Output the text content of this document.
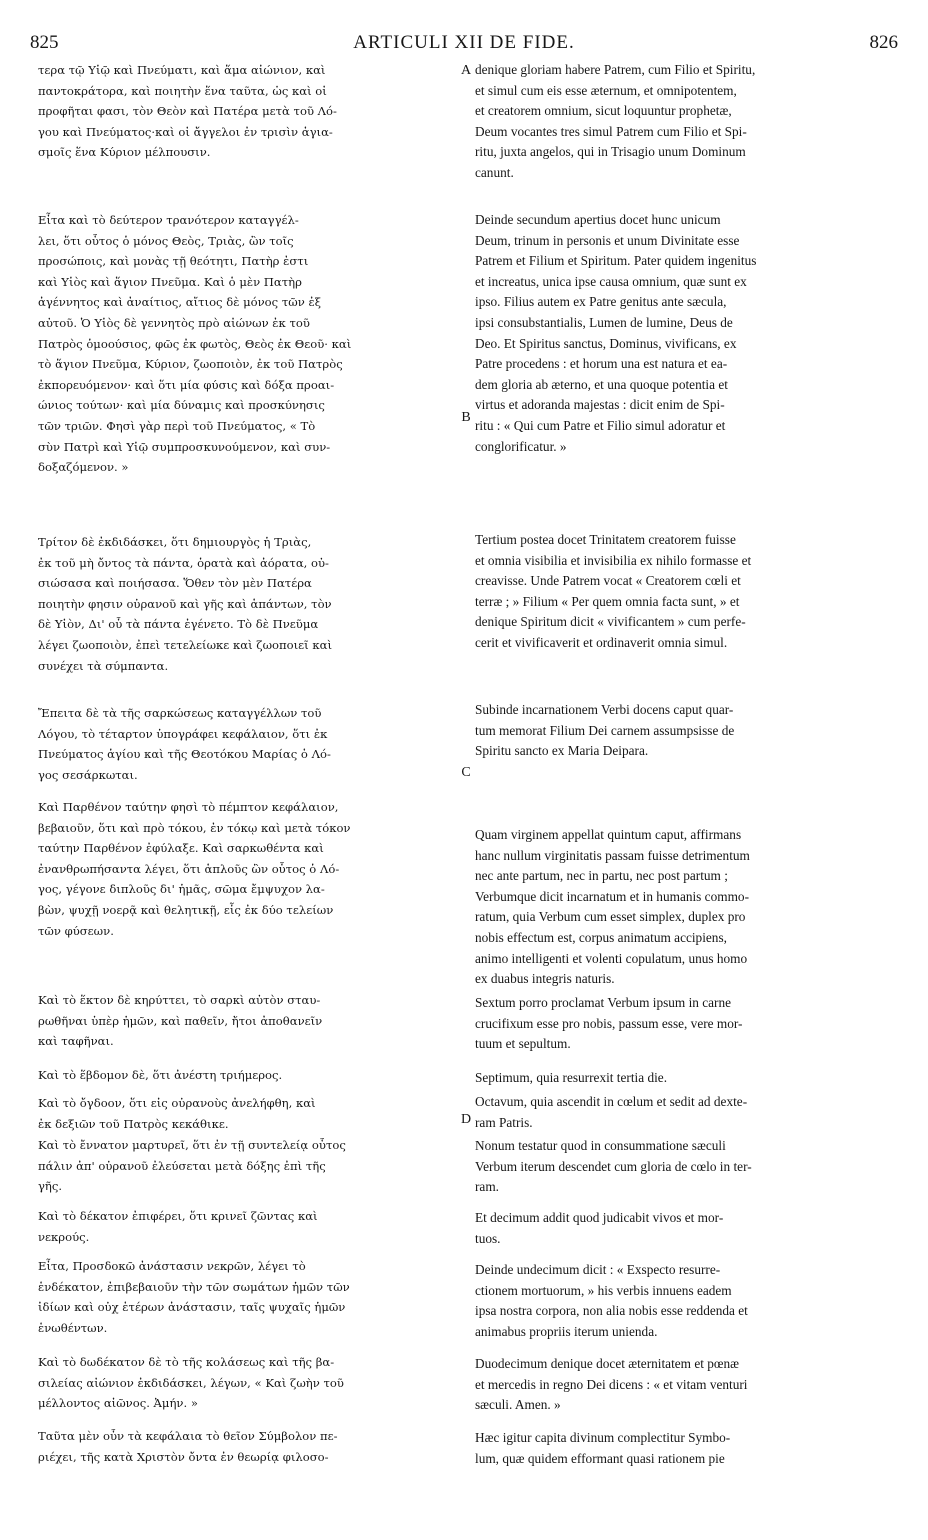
825	ARTICULI XII DE FIDE.	826

τερα τῷ Υἱῷ καὶ Πνεύματι, καὶ ἅμα αἰώνιον, καὶ
παντοκράτορα, καὶ ποιητὴν ἕνα ταῦτα, ὡς καὶ οἱ
προφῆται φασι, τὸν Θεὸν καὶ Πατέρα μετὰ τοῦ Λό-
γου καὶ Πνεύματος·καὶ οἱ ἄγγελοι ἐν τρισὶν ἁγια-
σμοῖς ἕνα Κύριον μέλπουσιν.

Εἶτα καὶ τὸ δεύτερον τρανότερον καταγγέλ-
λει, ὅτι οὗτος ὁ μόνος Θεὸς, Τριὰς, ὢν τοῖς
προσώποις, καὶ μονὰς τῇ θεότητι, Πατὴρ ἐστι
καὶ Υἱὸς καὶ ἅγιον Πνεῦμα. Καὶ ὁ μὲν Πατὴρ
ἀγέννητος καὶ ἀναίτιος, αἴτιος δὲ μόνος τῶν ἐξ
αὐτοῦ. Ὁ Υἱὸς δὲ γεννητὸς πρὸ αἰώνων ἐκ τοῦ
Πατρὸς ὁμοούσιος, φῶς ἐκ φωτὸς, Θεὸς ἐκ Θεοῦ· καὶ
τὸ ἅγιον Πνεῦμα, Κύριον, ζωοποιὸν, ἐκ τοῦ Πατρὸς
ἐκπορευόμενον· καὶ ὅτι μία φύσις καὶ δόξα προαι-
ώνιος τούτων· καὶ μία δύναμις καὶ προσκύνησις
τῶν τριῶν. Φησὶ γὰρ περὶ τοῦ Πνεύματος, « Τὸ
σὺν Πατρὶ καὶ Υἱῷ συμπροσκυνούμενον, καὶ συν-
δοξαζόμενον. »

Τρίτον δὲ ἐκδιδάσκει, ὅτι δημιουργὸς ἡ Τριὰς,
ἐκ τοῦ μὴ ὄντος τὰ πάντα, ὁρατὰ καὶ ἀόρατα, οὐ-
σιώσασα καὶ ποιήσασα. Ὅθεν τὸν μὲν Πατέρα
ποιητὴν φησιν οὐρανοῦ καὶ γῆς καὶ ἁπάντων, τὸν
δὲ Υἱὸν, Δι' οὗ τὰ πάντα ἐγένετο. Τὸ δὲ Πνεῦμα
λέγει ζωοποιὸν, ἐπεὶ τετελείωκε καὶ ζωοποιεῖ καὶ
συνέχει τὰ σύμπαντα.

Ἔπειτα δὲ τὰ τῆς σαρκώσεως καταγγέλλων τοῦ
Λόγου, τὸ τέταρτον ὑπογράφει κεφάλαιον, ὅτι ἐκ
Πνεύματος ἁγίου καὶ τῆς Θεοτόκου Μαρίας ὁ Λό-
γος σεσάρκωται.

Καὶ Παρθένον ταύτην φησὶ τὸ πέμπτον κεφάλαιον,
βεβαιοῦν, ὅτι καὶ πρὸ τόκου, ἐν τόκῳ καὶ μετὰ τόκον
ταύτην Παρθένον ἐφύλαξε. Καὶ σαρκωθέντα καὶ
ἐνανθρωπήσαντα λέγει, ὅτι ἁπλοῦς ὢν οὗτος ὁ Λό-
γος, γέγονε διπλοῦς δι' ἡμᾶς, σῶμα ἔμψυχον λα-
βὼν, ψυχῇ νοερᾷ καὶ θελητικῇ, εἷς ἐκ δύο τελείων
τῶν φύσεων.

Καὶ τὸ ἕκτον δὲ κηρύττει, τὸ σαρκὶ αὐτὸν σταυ-
ρωθῆναι ὑπὲρ ἡμῶν, καὶ παθεῖν, ἤτοι ἀποθανεῖν
καὶ ταφῆναι.

Καὶ τὸ ἕβδομον δὲ, ὅτι ἀνέστη τριήμερος.

Καὶ τὸ ὄγδοον, ὅτι εἰς οὐρανοὺς ἀνελήφθη, καὶ
ἐκ δεξιῶν τοῦ Πατρὸς κεκάθικε.

Καὶ τὸ ἔννατον μαρτυρεῖ, ὅτι ἐν τῇ συντελείᾳ οὗτος
πάλιν ἀπ' οὐρανοῦ ἐλεύσεται μετὰ δόξης ἐπὶ τῆς
γῆς.

Καὶ τὸ δέκατον ἐπιφέρει, ὅτι κρινεῖ ζῶντας καὶ
νεκρούς.

Εἶτα, Προσδοκῶ ἀνάστασιν νεκρῶν, λέγει τὸ
ἑνδέκατον, ἐπιβεβαιοῦν τὴν τῶν σωμάτων ἡμῶν τῶν
ἰδίων καὶ οὐχ ἑτέρων ἀνάστασιν, ταῖς ψυχαῖς ἡμῶν
ἑνωθέντων.

Καὶ τὸ δωδέκατον δὲ τὸ τῆς κολάσεως καὶ τῆς βα-
σιλείας αἰώνιον ἐκδιδάσκει, λέγων, « Καὶ ζωὴν τοῦ
μέλλοντος αἰῶνος. Ἀμήν. »

Ταῦτα μὲν οὖν τὰ κεφάλαια τὸ θεῖον Σύμβολον πε-
ριέχει, τῆς κατὰ Χριστὸν ὄντα ἐν θεωρίᾳ φιλοσο-

denique gloriam habere Patrem, cum Filio et Spiritu,
et simul cum eis esse æternum, et omnipotentem,
et creatorem omnium, sicut loquuntur prophetæ,
Deum vocantes tres simul Patrem cum Filio et Spi-
ritu, juxta angelos, qui in Trisagio unum Dominum
canunt.

Deinde secundum apertius docet hunc unicum
Deum, trinum in personis et unum Divinitate esse
Patrem et Filium et Spiritum. Pater quidem ingenitus
et increatus, unica ipse causa omnium, quæ sunt ex
ipso. Filius autem ex Patre genitus ante sæcula,
ipsi consubstantialis, Lumen de lumine, Deus de
Deo. Et Spiritus sanctus, Dominus, vivificans, ex
Patre procedens : et horum una est natura et ea-
dem gloria ab æterno, et una quoque potentia et
virtus et adoranda majestas : dicit enim de Spi-
ritu : « Qui cum Patre et Filio simul adoratur et
conglorificatur. »

Tertium postea docet Trinitatem creatorem fuisse
et omnia visibilia et invisibilia ex nihilo formasse et
creavisse. Unde Patrem vocat « Creatorem cœli et
terræ ; » Filium « Per quem omnia facta sunt, » et
denique Spiritum dicit « vivificantem » cum perfe-
cerit et vivificaverit et ordinaverit omnia simul.

Subinde incarnationem Verbi docens caput quar-
tum memorat Filium Dei carnem assumpsisse de
Spiritu sancto ex Maria Deipara.

Quam virginem appellat quintum caput, affirmans
hanc nullum virginitatis passam fuisse detrimentum
nec ante partum, nec in partu, nec post partum ;
Verbumque dicit incarnatum et in humanis commo-
ratum, quia Verbum cum esset simplex, duplex pro
nobis effectum est, corpus animatum accipiens,
animo intelligenti et volenti copulatum, unus homo
ex duabus integris naturis.

Sextum porro proclamat Verbum ipsum in carne
crucifixum esse pro nobis, passum esse, vere mor-
tuum et sepultum.

Septimum, quia resurrexit tertia die.

Octavum, quia ascendit in cœlum et sedit ad dexte-
ram Patris.

Nonum testatur quod in consummatione sæculi
Verbum iterum descendet cum gloria de cœlo in ter-
ram.

Et decimum addit quod judicabit vivos et mor-
tuos.

Deinde undecimum dicit : « Exspecto resurre-
ctionem mortuorum, » his verbis innuens eadem
ipsa nostra corpora, non alia nobis esse reddenda et
animabus propriis iterum unienda.

Duodecimum denique docet æternitatem et pœnæ
et mercedis in regno Dei dicens : « et vitam venturi
sæculi. Amen. »

Hæc igitur capita divinum complectitur Symbo-
lum, quæ quidem efformant quasi rationem pie

A
B
C
D
